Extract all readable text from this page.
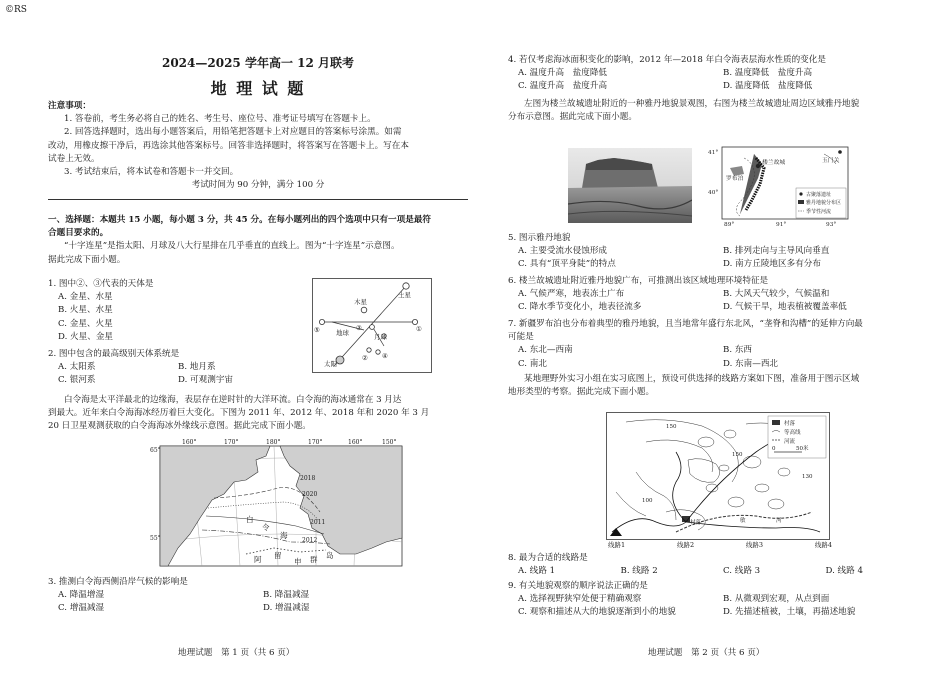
©RS
2024—2025 学年高一 12 月联考
地 理 试 题

注意事项：

1. 答卷前，考生务必将自己的姓名、考生号、座位号、准考证号填写在答题卡上。

2. 回答选择题时，选出每小题答案后，用铅笔把答题卡上对应题目的答案标号涂黑。如需

改动，用橡皮擦干净后，再选涂其他答案标号。回答非选择题时，将答案写在答题卡上。写在本

试卷上无效。

3. 考试结束后，将本试卷和答题卡一并交回。

考试时间为 90 分钟，满分 100 分

一、选择题：本题共 15 小题，每小题 3 分，共 45 分。在每小题列出的四个选项中只有一项是最符

合题目要求的。

“十字连星”是指太阳、月球及八大行星排在几乎垂直的直线上。图为“十字连星”示意图。

据此完成下面小题。

1. 图中②、③代表的天体是

A. 金星、水星

B. 火星、水星

C. 金星、火星

D. 火星、金星

2. 图中包含的最高级别天体系统是

A. 太阳系	B. 地月系
C. 银河系	D. 可观测宇宙
土星
木星
地球	月球
太阳
③
⑤	①
④
②

白令海是太平洋最北的边缘海，表层存在逆时针的大洋环流。白令海的海冰通常在 3 月达

到最大。近年来白令海海冰经历着巨大变化。下图为 2011 年、2012 年、2018 年和 2020 年 3 月

20 日卫星观测获取的白令海海冰外缘线示意图。据此完成下面小题。

160°	170°	180°	170°	160°	150°
65°
55°
2018
2020
2011
2012
白
令
海
阿 留
申 群 岛

3. 推测白令海西侧沿岸气候的影响是

A. 降温增湿	B. 降温减湿
C. 增温减湿	D. 增温减湿
地理试题　第 1 页（共 6 页）

4. 若仅考虑海冰面积变化的影响，2012 年—2018 年白令海表层海水性质的变化是

A. 温度升高　盐度降低	B. 温度降低　盐度升高
C. 温度升高　盐度升高	D. 温度降低　盐度降低

左图为楼兰故城遗址附近的一种雅丹地貌景观图，右图为楼兰故城遗址周边区域雅丹地貌

分布示意图。据此完成下面小题。

41°
40°
89°	91°	93°
楼兰故城
罗布泊
玉门关
古聚落遗址
雅丹地貌分布区
季节性河流

5. 图示雅丹地貌

A. 主要受流水侵蚀形成	B. 排列走向与主导风向垂直
C. 具有“顶平身陡”的特点	D. 南方丘陵地区多有分布

6. 楼兰故城遗址附近雅丹地貌广布，可推测出该区域地理环境特征是

A. 气候严寒，地表冻土广布	B. 大风天气较少，气候温和
C. 降水季节变化小，地表径流多	D. 气候干旱，地表植被覆盖率低

7. 新疆罗布泊也分布着典型的雅丹地貌，且当地常年盛行东北风，“垄脊和沟槽”的延伸方向最

可能是

A. 东北—西南	B. 东西
C. 南北	D. 东南—西北

某地理野外实习小组在实习底图上，预设可供选择的线路方案如下图，准备用于图示区域

地形类型的考察。据此完成下面小题。

村落
等高线
河流
0	50米
150
150
100
130
村落	敏	河
线路1	线路2	线路3	线路4

8. 最为合适的线路是

A. 线路 1	B. 线路 2	C. 线路 3	D. 线路 4

9. 有关地貌观察的顺序说法正确的是

A. 选择视野狭窄处便于精确观察	B. 从微观到宏观，从点到面
C. 观察和描述从大的地貌逐渐到小的地貌	D. 先描述植被，土壤，再描述地貌
地理试题　第 2 页（共 6 页）
